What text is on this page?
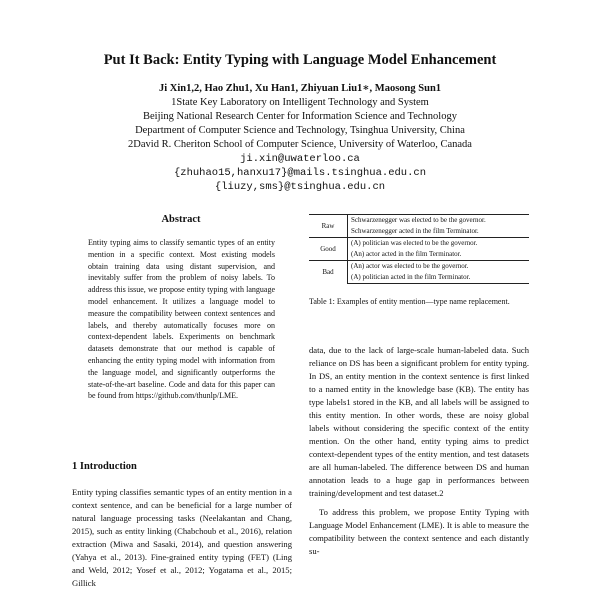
Put It Back: Entity Typing with Language Model Enhancement
Ji Xin1,2, Hao Zhu1, Xu Han1, Zhiyuan Liu1∗, Maosong Sun1
1State Key Laboratory on Intelligent Technology and System
Beijing National Research Center for Information Science and Technology
Department of Computer Science and Technology, Tsinghua University, China
2David R. Cheriton School of Computer Science, University of Waterloo, Canada
ji.xin@uwaterloo.ca
{zhuhao15,hanxu17}@mails.tsinghua.edu.cn
{liuzy,sms}@tsinghua.edu.cn
Abstract

Entity typing aims to classify semantic types of an entity mention in a specific context. Most existing models obtain training data using distant supervision, and inevitably suffer from the problem of noisy labels. To address this issue, we propose entity typing with language model enhancement. It utilizes a language model to measure the compatibility between context sentences and labels, and thereby automatically focuses more on context-dependent labels. Experiments on benchmark datasets demonstrate that our method is capable of enhancing the entity typing model with information from the language model, and significantly outperforms the state-of-the-art baseline. Code and data for this paper can be found from https://github.com/thunlp/LME.

Raw	Schwarzenegger was elected to be the governor.
	Schwarzenegger acted in the film Terminator.
Good	(A) politician was elected to be the governor.
	(An) actor acted in the film Terminator.
Bad	(An) actor was elected to be the governor.
	(A) politician acted in the film Terminator.
Table 1: Examples of entity mention—type name replacement.
1 Introduction
Entity typing classifies semantic types of an entity mention in a context sentence, and can be beneficial for a large number of natural language processing tasks (Neelakantan and Chang, 2015), such as entity linking (Chabchoub et al., 2016), relation extraction (Miwa and Sasaki, 2014), and question answering (Yahya et al., 2013). Fine-grained entity typing (FET) (Ling and Weld, 2012; Yosef et al., 2012; Yogatama et al., 2015; Gillick

data, due to the lack of large-scale human-labeled data. Such reliance on DS has been a significant problem for entity typing. In DS, an entity mention in the context sentence is first linked to a named entity in the knowledge base (KB). The entity has type labels1 stored in the KB, and all labels will be assigned to this entity mention. In other words, these are noisy global labels without considering the specific context of the entity mention. On the other hand, entity typing aims to predict context-dependent types of the entity mention, and test datasets are all human-labeled. The difference between DS and human annotation leads to a huge gap in performances between training/development and test dataset.2

To address this problem, we propose Entity Typing with Language Model Enhancement (LME). It is able to measure the compatibility between the context sentence and each distantly su-
